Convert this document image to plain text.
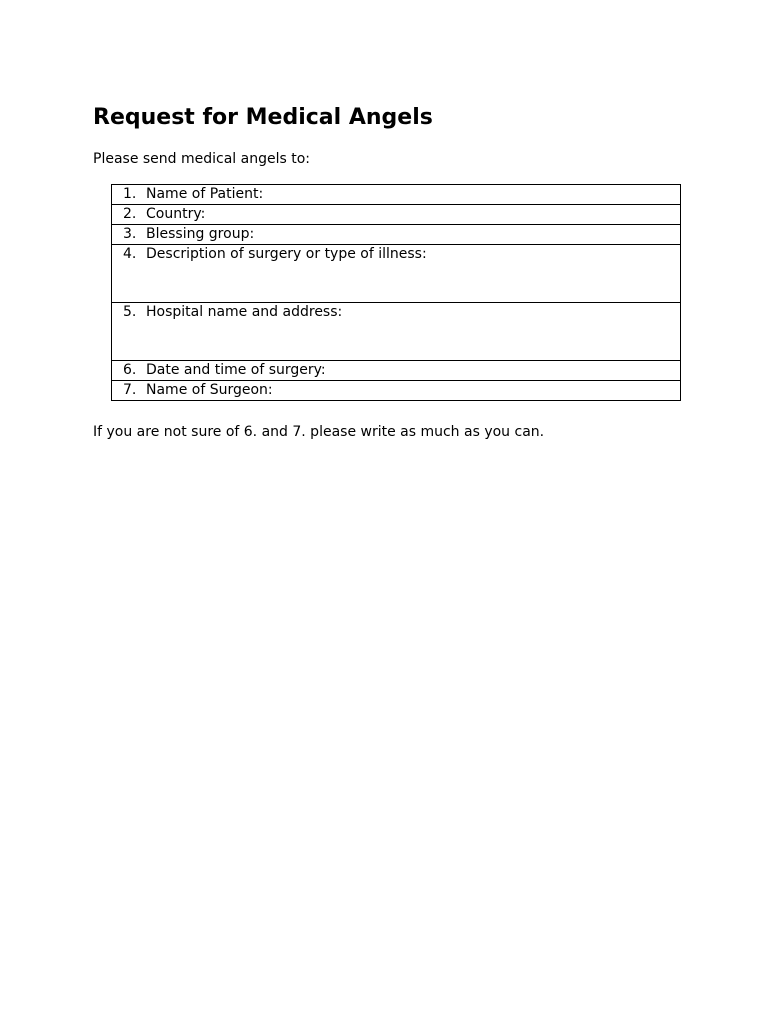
Request for Medical Angels
Please send medical angels to:
1. Name of Patient:
2. Country:
3. Blessing group:
4. Description of surgery or type of illness:
5. Hospital name and address:
6. Date and time of surgery:
7. Name of Surgeon:
If you are not sure of 6. and 7. please write as much as you can.
